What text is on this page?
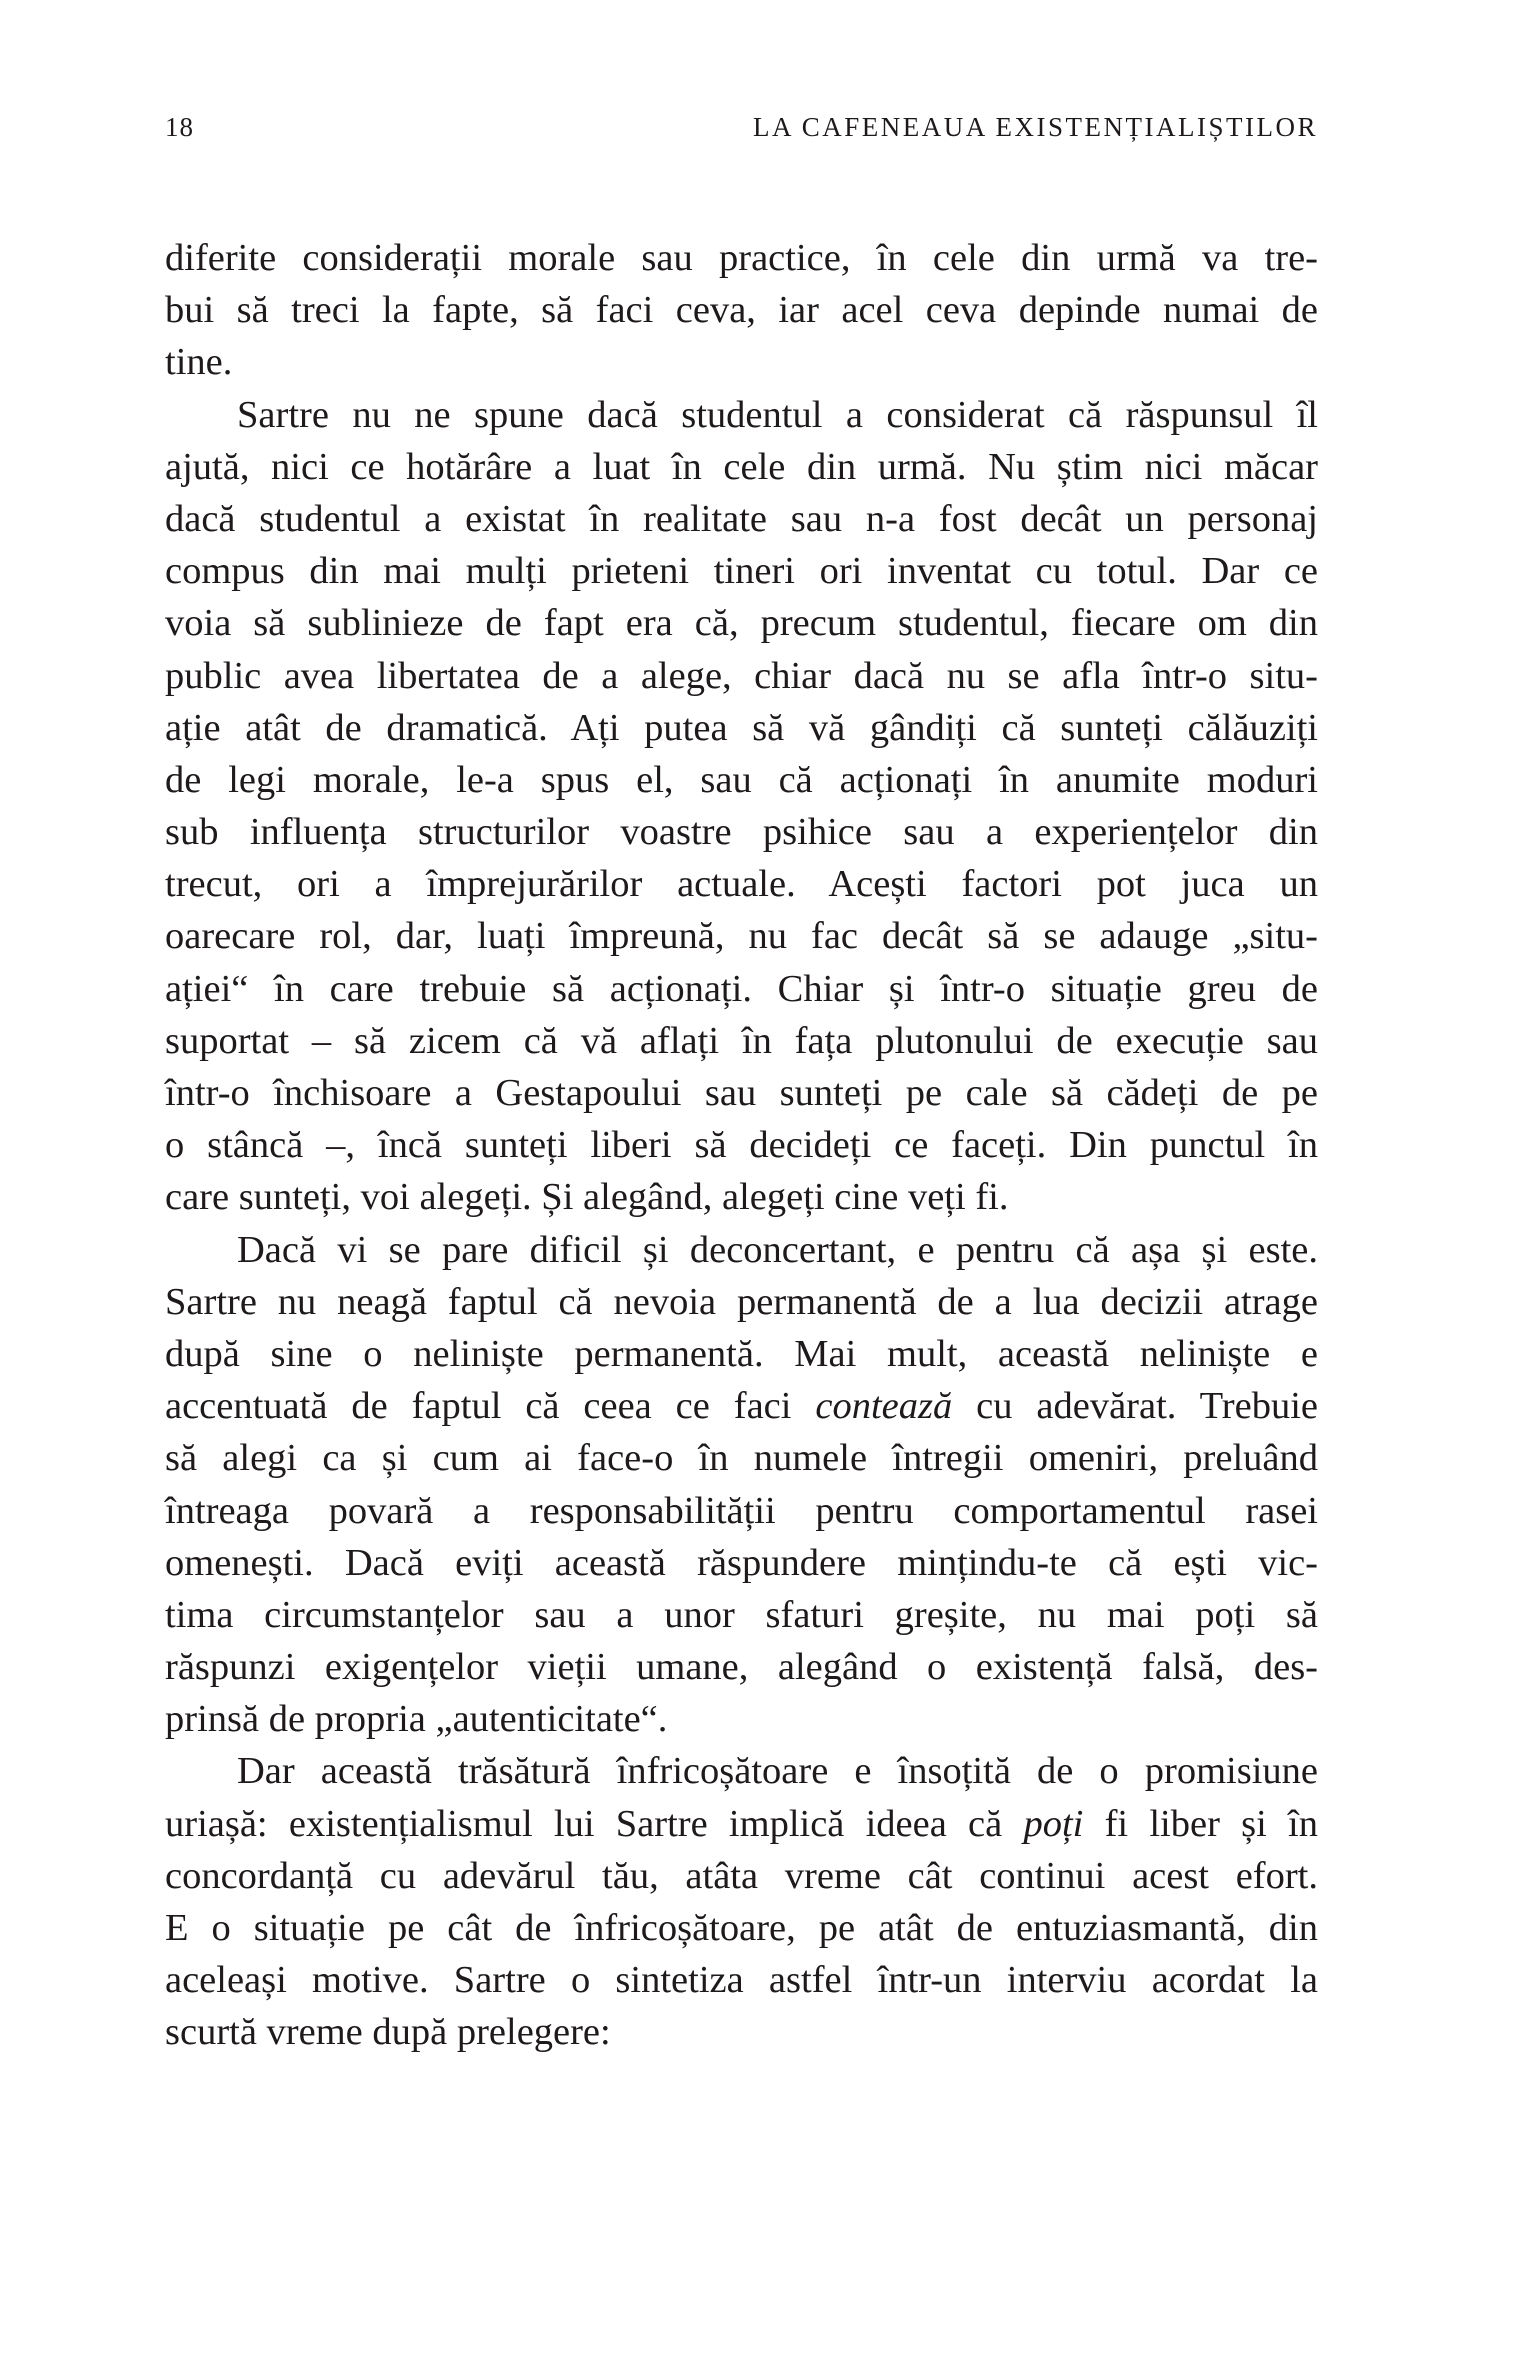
18	LA CAFENEAUA EXISTENȚIALIȘTILOR
diferite considerații morale sau practice, în cele din urmă va tre-
bui să treci la fapte, să faci ceva, iar acel ceva depinde numai de
tine.
Sartre nu ne spune dacă studentul a considerat că răspunsul îl
ajută, nici ce hotărâre a luat în cele din urmă. Nu știm nici măcar
dacă studentul a existat în realitate sau n-a fost decât un personaj
compus din mai mulți prieteni tineri ori inventat cu totul. Dar ce
voia să sublinieze de fapt era că, precum studentul, fiecare om din
public avea libertatea de a alege, chiar dacă nu se afla într-o situ-
ație atât de dramatică. Ați putea să vă gândiți că sunteți călăuziți
de legi morale, le-a spus el, sau că acționați în anumite moduri
sub influența structurilor voastre psihice sau a experiențelor din
trecut, ori a împrejurărilor actuale. Acești factori pot juca un
oarecare rol, dar, luați împreună, nu fac decât să se adauge „situ-
ației“ în care trebuie să acționați. Chiar și într-o situație greu de
suportat – să zicem că vă aflați în fața plutonului de execuție sau
într-o închisoare a Gestapoului sau sunteți pe cale să cădeți de pe
o stâncă –, încă sunteți liberi să decideți ce faceți. Din punctul în
care sunteți, voi alegeți. Și alegând, alegeți cine veți fi.
Dacă vi se pare dificil și deconcertant, e pentru că așa și este.
Sartre nu neagă faptul că nevoia permanentă de a lua decizii atrage
după sine o neliniște permanentă. Mai mult, această neliniște e
accentuată de faptul că ceea ce faci contează cu adevărat. Trebuie
să alegi ca și cum ai face-o în numele întregii omeniri, preluând
întreaga povară a responsabilității pentru comportamentul rasei
omenești. Dacă eviți această răspundere mințindu-te că ești vic-
tima circumstanțelor sau a unor sfaturi greșite, nu mai poți să
răspunzi exigențelor vieții umane, alegând o existență falsă, des-
prinsă de propria „autenticitate“.
Dar această trăsătură înfricoșătoare e însoțită de o promisiune
uriașă: existențialismul lui Sartre implică ideea că poți fi liber și în
concordanță cu adevărul tău, atâta vreme cât continui acest efort.
E o situație pe cât de înfricoșătoare, pe atât de entuziasmantă, din
aceleași motive. Sartre o sintetiza astfel într-un interviu acordat la
scurtă vreme după prelegere:
